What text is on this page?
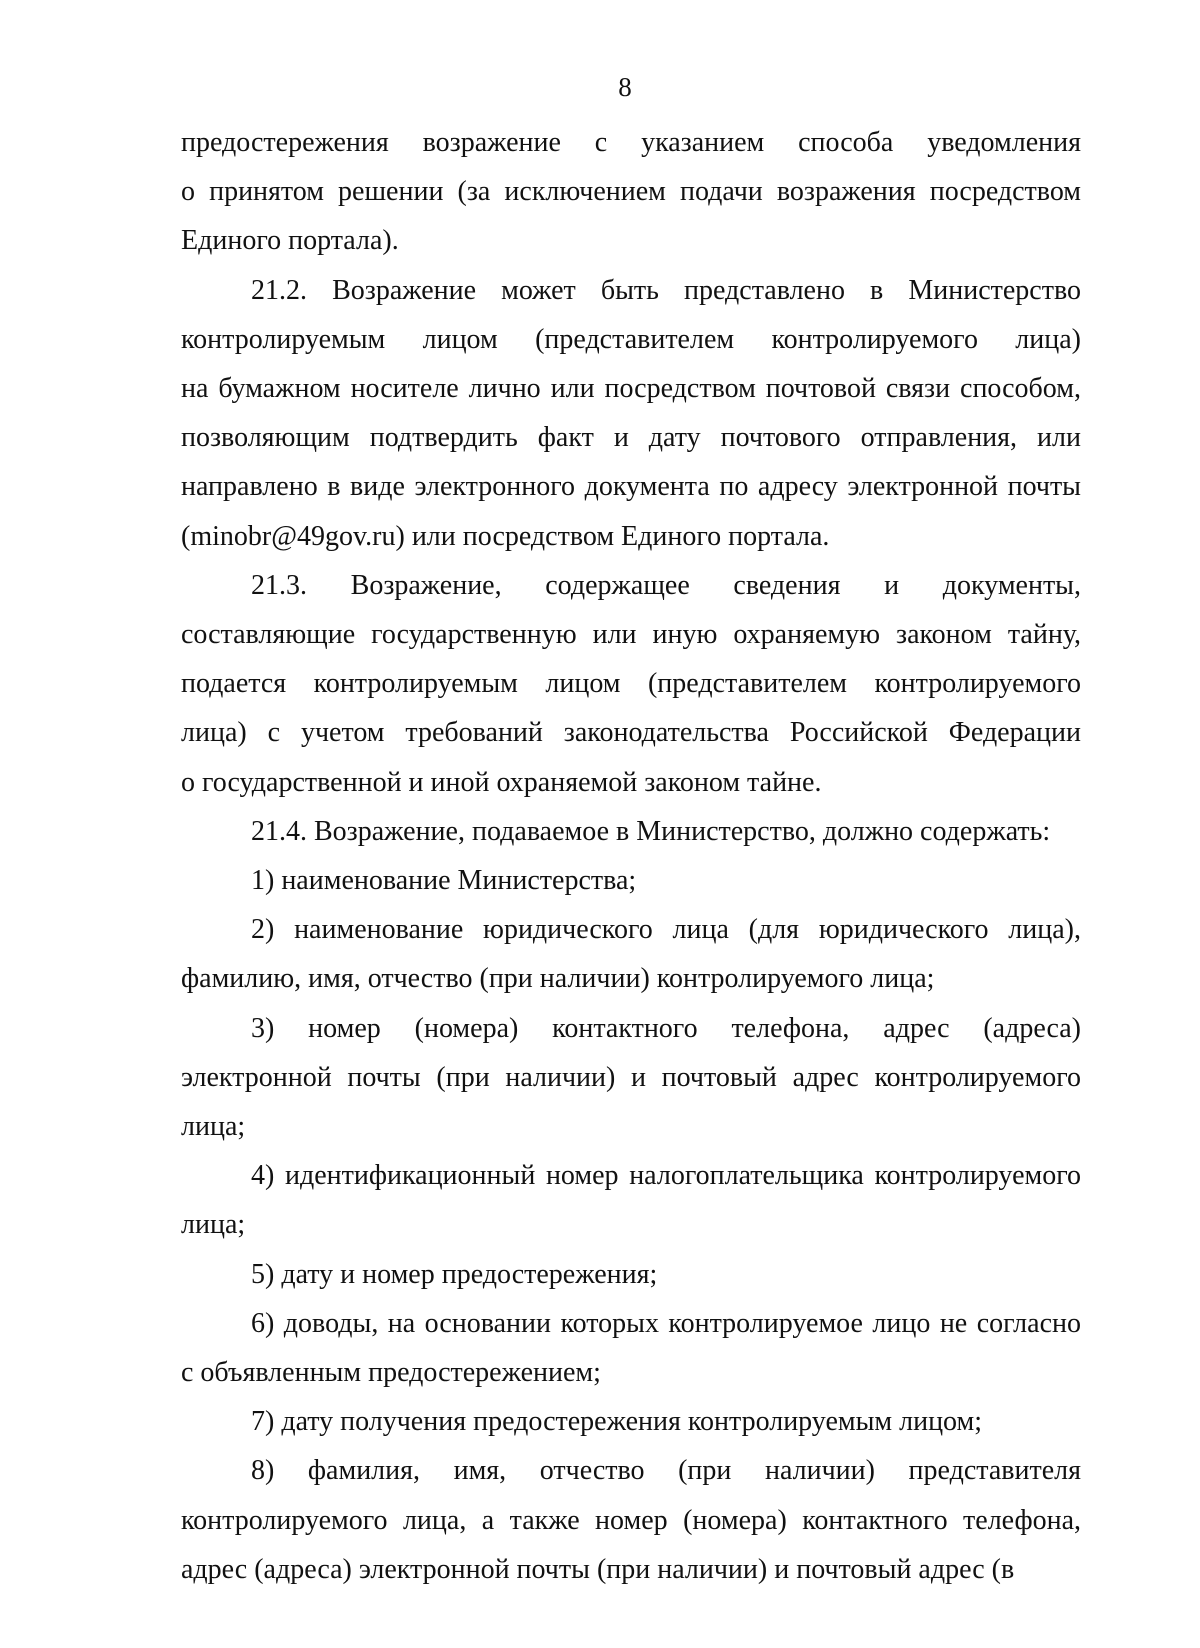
8
предостережения возражение с указанием способа уведомления
о принятом решении (за исключением подачи возражения посредством
Единого портала).
21.2. Возражение может быть представлено в Министерство
контролируемым лицом (представителем контролируемого лица)
на бумажном носителе лично или посредством почтовой связи способом,
позволяющим подтвердить факт и дату почтового отправления, или
направлено в виде электронного документа по адресу электронной почты
(minobr@49gov.ru) или посредством Единого портала.
21.3. Возражение, содержащее сведения и документы,
составляющие государственную или иную охраняемую законом тайну,
подается контролируемым лицом (представителем контролируемого
лица) с учетом требований законодательства Российской Федерации
о государственной и иной охраняемой законом тайне.
21.4. Возражение, подаваемое в Министерство, должно содержать:
1) наименование Министерства;
2) наименование юридического лица (для юридического лица),
фамилию, имя, отчество (при наличии) контролируемого лица;
3) номер (номера) контактного телефона, адрес (адреса)
электронной почты (при наличии) и почтовый адрес контролируемого
лица;
4) идентификационный номер налогоплательщика контролируемого
лица;
5) дату и номер предостережения;
6) доводы, на основании которых контролируемое лицо не согласно
с объявленным предостережением;
7) дату получения предостережения контролируемым лицом;
8) фамилия, имя, отчество (при наличии) представителя
контролируемого лица, а также номер (номера) контактного телефона,
адрес (адреса) электронной почты (при наличии) и почтовый адрес (в
